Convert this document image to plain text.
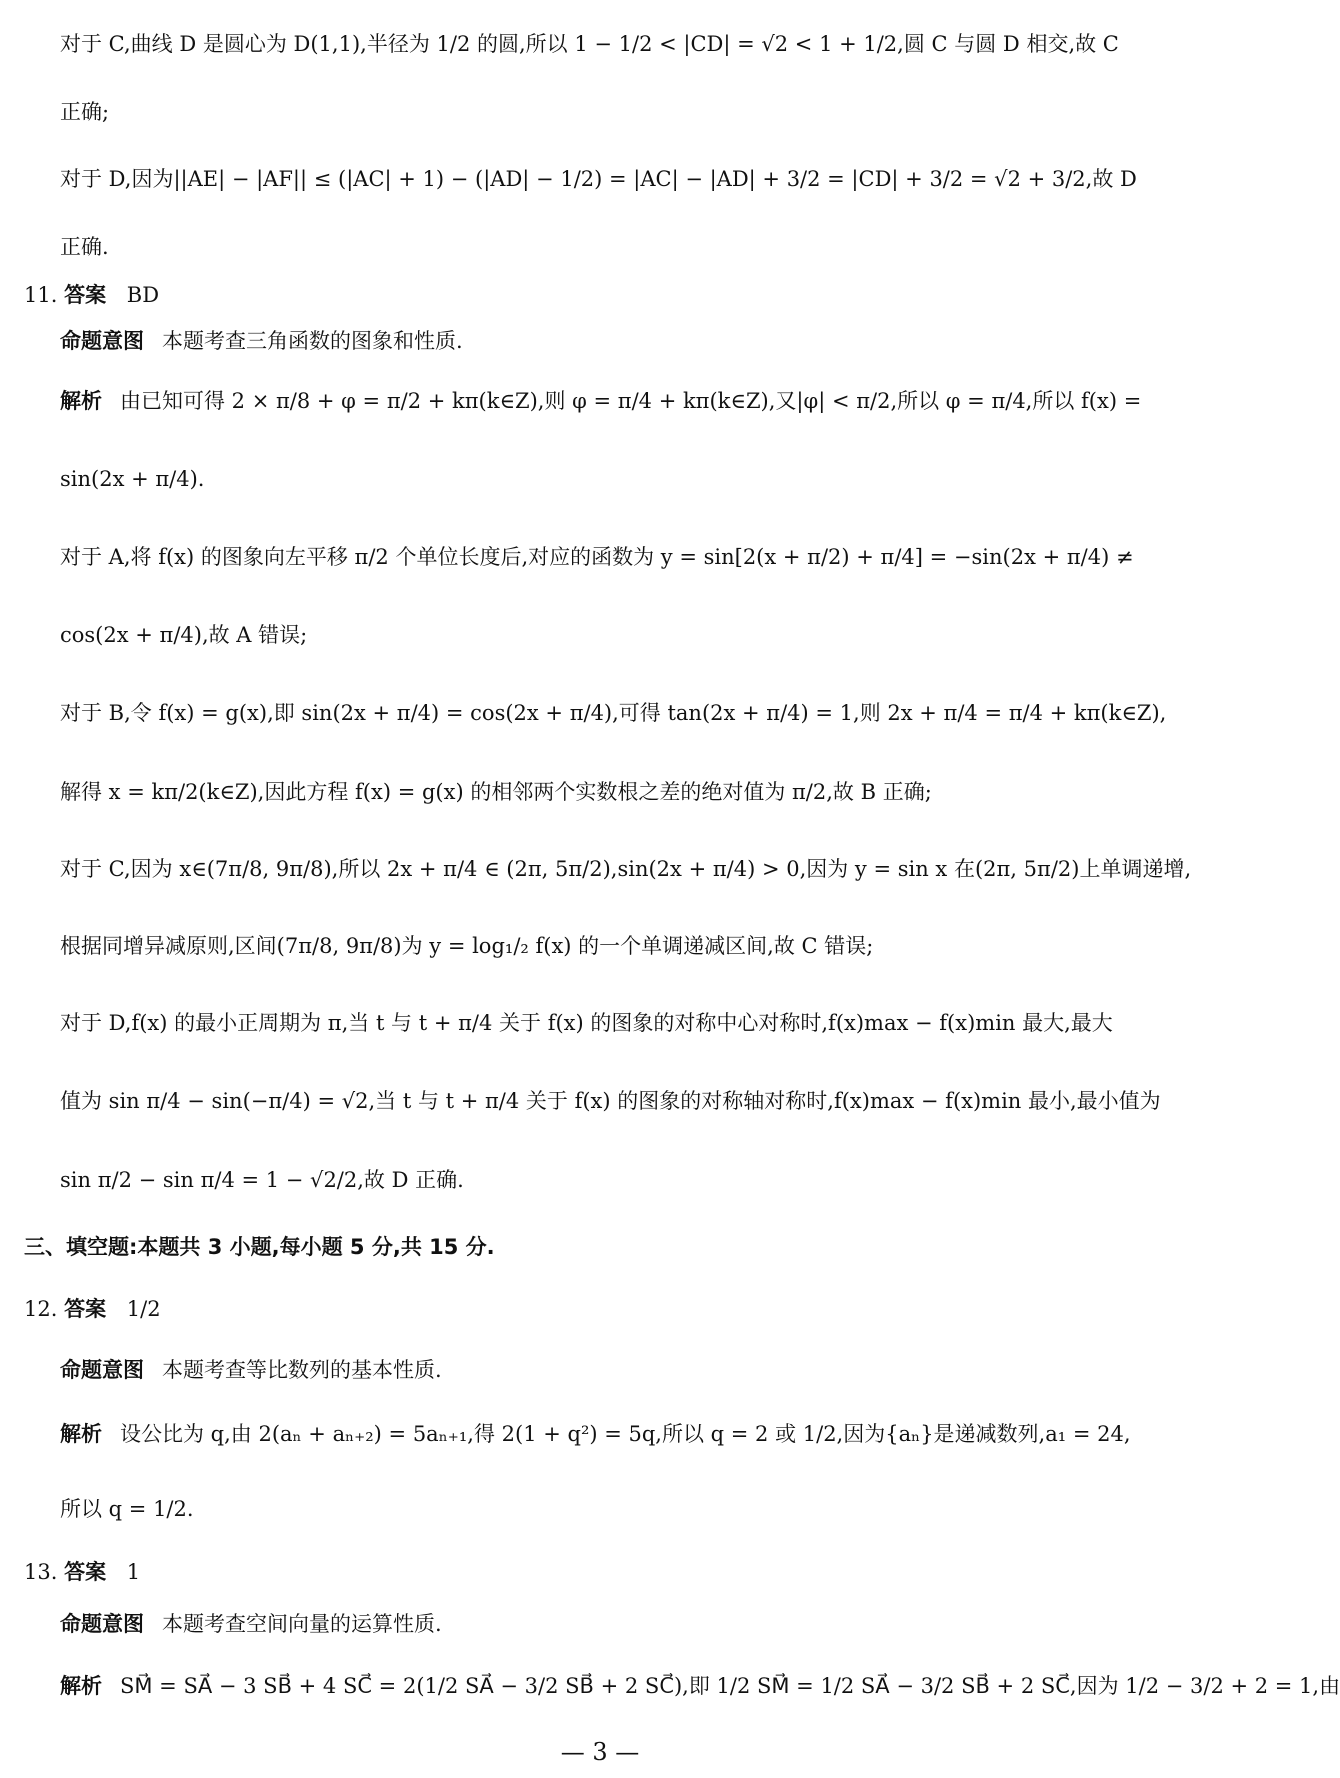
对于 C,曲线 D 是圆心为 D(1,1),半径为 1/2 的圆,所以 1 − 1/2 < |CD| = √2 < 1 + 1/2,圆 C 与圆 D 相交,故 C
正确;
对于 D,因为||AE| − |AF|| ≤ (|AC| + 1) − (|AD| − 1/2) = |AC| − |AD| + 3/2 = |CD| + 3/2 = √2 + 3/2,故 D
正确.
11. 答案 BD
命题意图 本题考查三角函数的图象和性质.
解析 由已知可得 2 × π/8 + φ = π/2 + kπ(k∈Z),则 φ = π/4 + kπ(k∈Z),又|φ| < π/2,所以 φ = π/4,所以 f(x) =
sin(2x + π/4).
对于 A,将 f(x) 的图象向左平移 π/2 个单位长度后,对应的函数为 y = sin[2(x + π/2) + π/4] = −sin(2x + π/4) ≠
cos(2x + π/4),故 A 错误;
对于 B,令 f(x) = g(x),即 sin(2x + π/4) = cos(2x + π/4),可得 tan(2x + π/4) = 1,则 2x + π/4 = π/4 + kπ(k∈Z),
解得 x = kπ/2(k∈Z),因此方程 f(x) = g(x) 的相邻两个实数根之差的绝对值为 π/2,故 B 正确;
对于 C,因为 x∈(7π/8, 9π/8),所以 2x + π/4 ∈ (2π, 5π/2),sin(2x + π/4) > 0,因为 y = sin x 在(2π, 5π/2)上单调递增,
根据同增异减原则,区间(7π/8, 9π/8)为 y = log₁/₂ f(x) 的一个单调递减区间,故 C 错误;
对于 D,f(x) 的最小正周期为 π,当 t 与 t + π/4 关于 f(x) 的图象的对称中心对称时,f(x)max − f(x)min 最大,最大
值为 sin π/4 − sin(−π/4) = √2,当 t 与 t + π/4 关于 f(x) 的图象的对称轴对称时,f(x)max − f(x)min 最小,最小值为
sin π/2 − sin π/4 = 1 − √2/2,故 D 正确.
三、填空题:本题共 3 小题,每小题 5 分,共 15 分.
12. 答案 1/2
命题意图 本题考查等比数列的基本性质.
解析 设公比为 q,由 2(aₙ + aₙ₊₂) = 5aₙ₊₁,得 2(1 + q²) = 5q,所以 q = 2 或 1/2,因为{aₙ}是递减数列,a₁ = 24,
所以 q = 1/2.
13. 答案 1
命题意图 本题考查空间向量的运算性质.
解析 SM⃗ = SA⃗ − 3 SB⃗ + 4 SC⃗ = 2(1/2 SA⃗ − 3/2 SB⃗ + 2 SC⃗),即 1/2 SM⃗ = 1/2 SA⃗ − 3/2 SB⃗ + 2 SC⃗,因为 1/2 − 3/2 + 2 = 1,由
— 3 —
